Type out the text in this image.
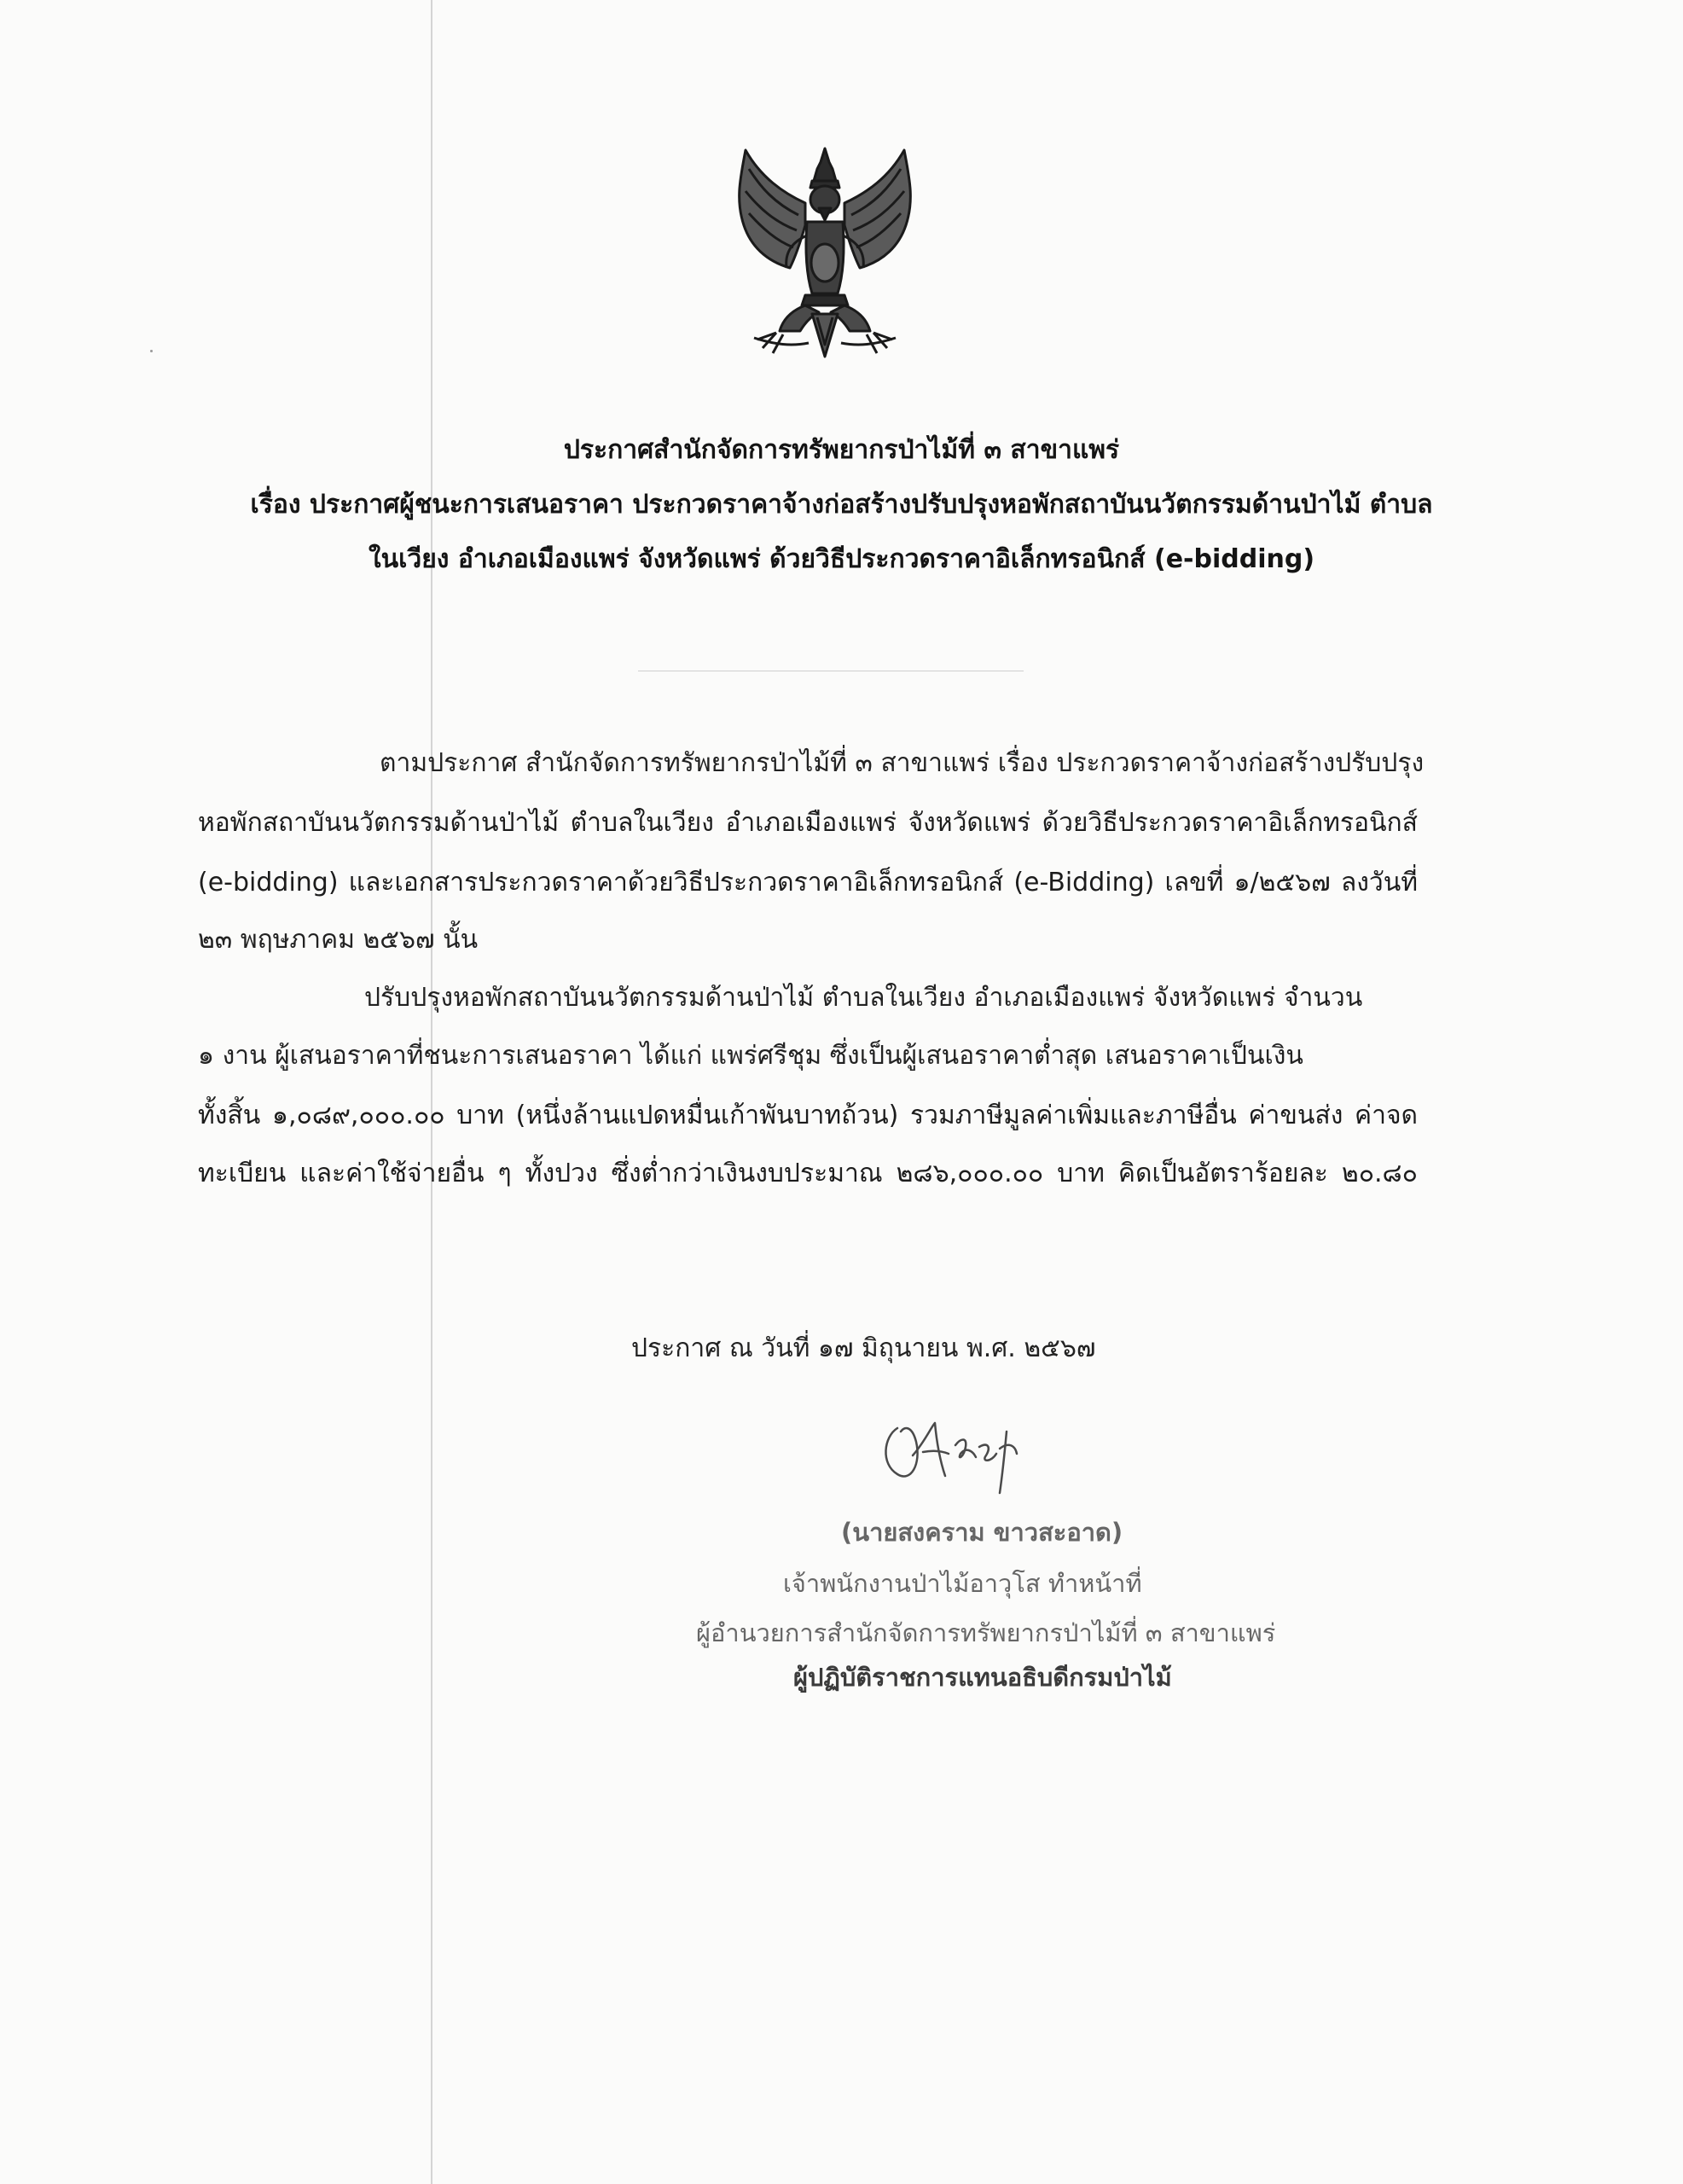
ประกาศสำนักจัดการทรัพยากรป่าไม้ที่ ๓ สาขาแพร่
เรื่อง ประกาศผู้ชนะการเสนอราคา ประกวดราคาจ้างก่อสร้างปรับปรุงหอพักสถาบันนวัตกรรมด้านป่าไม้ ตำบล
ในเวียง อำเภอเมืองแพร่ จังหวัดแพร่ ด้วยวิธีประกวดราคาอิเล็กทรอนิกส์ (e-bidding)
ตามประกาศ สำนักจัดการทรัพยากรป่าไม้ที่ ๓ สาขาแพร่ เรื่อง ประกวดราคาจ้างก่อสร้างปรับปรุง
หอพักสถาบันนวัตกรรมด้านป่าไม้ ตำบลในเวียง อำเภอเมืองแพร่ จังหวัดแพร่ ด้วยวิธีประกวดราคาอิเล็กทรอนิกส์
(e-bidding) และเอกสารประกวดราคาด้วยวิธีประกวดราคาอิเล็กทรอนิกส์ (e-Bidding) เลขที่ ๑/๒๕๖๗ ลงวันที่
๒๓ พฤษภาคม ๒๕๖๗ นั้น
ปรับปรุงหอพักสถาบันนวัตกรรมด้านป่าไม้ ตำบลในเวียง อำเภอเมืองแพร่ จังหวัดแพร่ จำนวน
๑ งาน ผู้เสนอราคาที่ชนะการเสนอราคา ได้แก่ แพร่ศรีชุม ซึ่งเป็นผู้เสนอราคาต่ำสุด เสนอราคาเป็นเงิน
ทั้งสิ้น ๑,๐๘๙,๐๐๐.๐๐ บาท (หนึ่งล้านแปดหมื่นเก้าพันบาทถ้วน) รวมภาษีมูลค่าเพิ่มและภาษีอื่น ค่าขนส่ง ค่าจด
ทะเบียน และค่าใช้จ่ายอื่น ๆ ทั้งปวง ซึ่งต่ำกว่าเงินงบประมาณ ๒๘๖,๐๐๐.๐๐ บาท คิดเป็นอัตราร้อยละ ๒๐.๘๐
ประกาศ ณ วันที่ ๑๗ มิถุนายน พ.ศ. ๒๕๖๗
(นายสงคราม ขาวสะอาด)
เจ้าพนักงานป่าไม้อาวุโส ทำหน้าที่
ผู้อำนวยการสำนักจัดการทรัพยากรป่าไม้ที่ ๓ สาขาแพร่
ผู้ปฏิบัติราชการแทนอธิบดีกรมป่าไม้
